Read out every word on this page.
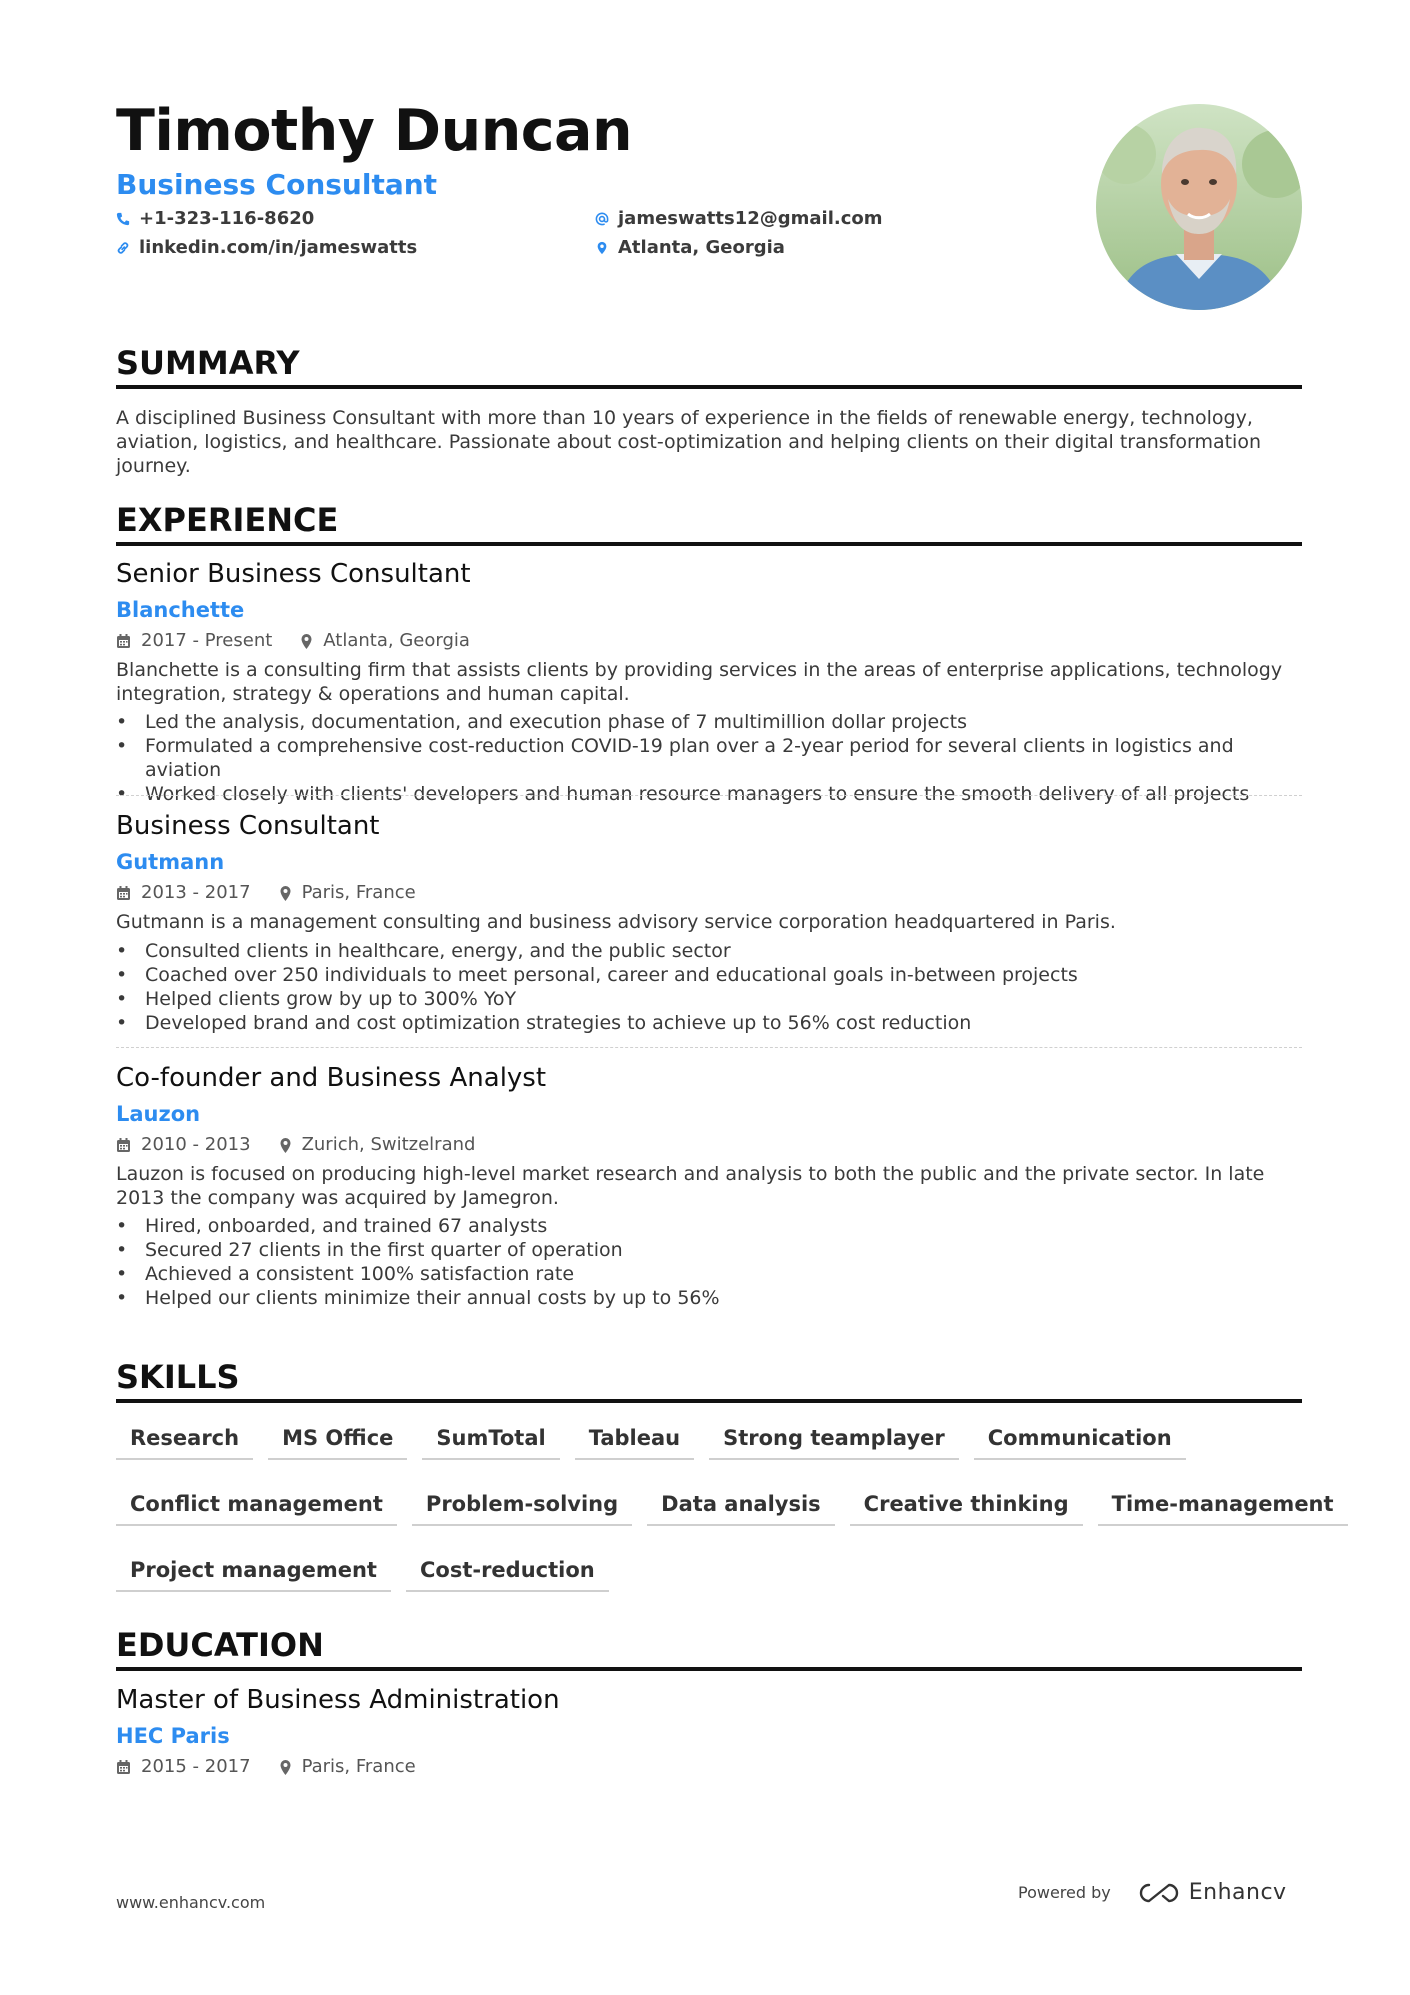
Timothy Duncan
Business Consultant
+1-323-116-8620
linkedin.com/in/jameswatts
jameswatts12@gmail.com
Atlanta, Georgia
SUMMARY
A disciplined Business Consultant with more than 10 years of experience in the fields of renewable energy, technology, aviation, logistics, and healthcare. Passionate about cost-optimization and helping clients on their digital transformation journey.
EXPERIENCE
Senior Business Consultant
Blanchette
2017 - Present	Atlanta, Georgia
Blanchette is a consulting firm that assists clients by providing services in the areas of enterprise applications, technology integration, strategy & operations and human capital.
• Led the analysis, documentation, and execution phase of 7 multimillion dollar projects
• Formulated a comprehensive cost-reduction COVID-19 plan over a 2-year period for several clients in logistics and aviation
• Worked closely with clients' developers and human resource managers to ensure the smooth delivery of all projects
Business Consultant
Gutmann
2013 - 2017	Paris, France
Gutmann is a management consulting and business advisory service corporation headquartered in Paris.
• Consulted clients in healthcare, energy, and the public sector
• Coached over 250 individuals to meet personal, career and educational goals in-between projects
• Helped clients grow by up to 300% YoY
• Developed brand and cost optimization strategies to achieve up to 56% cost reduction
Co-founder and Business Analyst
Lauzon
2010 - 2013	Zurich, Switzelrand
Lauzon is focused on producing high-level market research and analysis to both the public and the private sector. In late 2013 the company was acquired by Jamegron.
• Hired, onboarded, and trained 67 analysts
• Secured 27 clients in the first quarter of operation
• Achieved a consistent 100% satisfaction rate
• Helped our clients minimize their annual costs by up to 56%
SKILLS
Research	MS Office	SumTotal	Tableau	Strong teamplayer	Communication
Conflict management	Problem-solving	Data analysis	Creative thinking	Time-management
Project management	Cost-reduction
EDUCATION
Master of Business Administration
HEC Paris
2015 - 2017	Paris, France
www.enhancv.com
Powered by	Enhancv
